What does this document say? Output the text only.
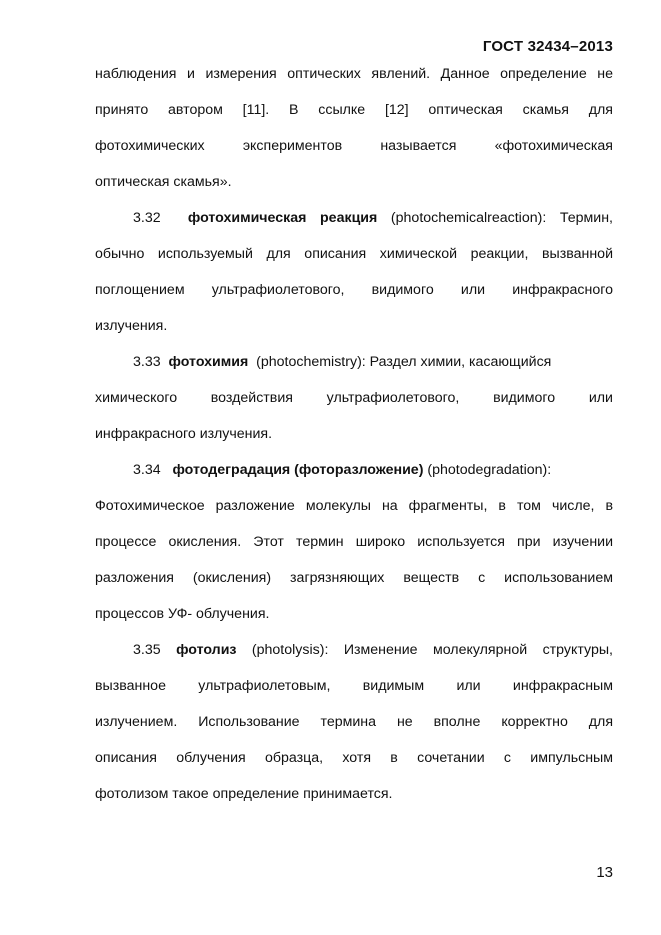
ГОСТ 32434–2013
наблюдения и измерения оптических явлений. Данное определение не
принято автором [11]. В ссылке [12] оптическая скамья для
фотохимических экспериментов называется «фотохимическая
оптическая скамья».
3.32 фотохимическая реакция (photochemicalreaction): Термин,
обычно используемый для описания химической реакции, вызванной
поглощением ультрафиолетового, видимого или инфракрасного
излучения.
3.33 фотохимия (photochemistry): Раздел химии, касающийся
химического воздействия ультрафиолетового, видимого или
инфракрасного излучения.
3.34 фотодеградация (фоторазложение) (photodegradation):
Фотохимическое разложение молекулы на фрагменты, в том числе, в
процессе окисления. Этот термин широко используется при изучении
разложения (окисления) загрязняющих веществ с использованием
процессов УФ- облучения.
3.35 фотолиз (photolysis): Изменение молекулярной структуры,
вызванное ультрафиолетовым, видимым или инфракрасным
излучением. Использование термина не вполне корректно для
описания облучения образца, хотя в сочетании с импульсным
фотолизом такое определение принимается.
13
